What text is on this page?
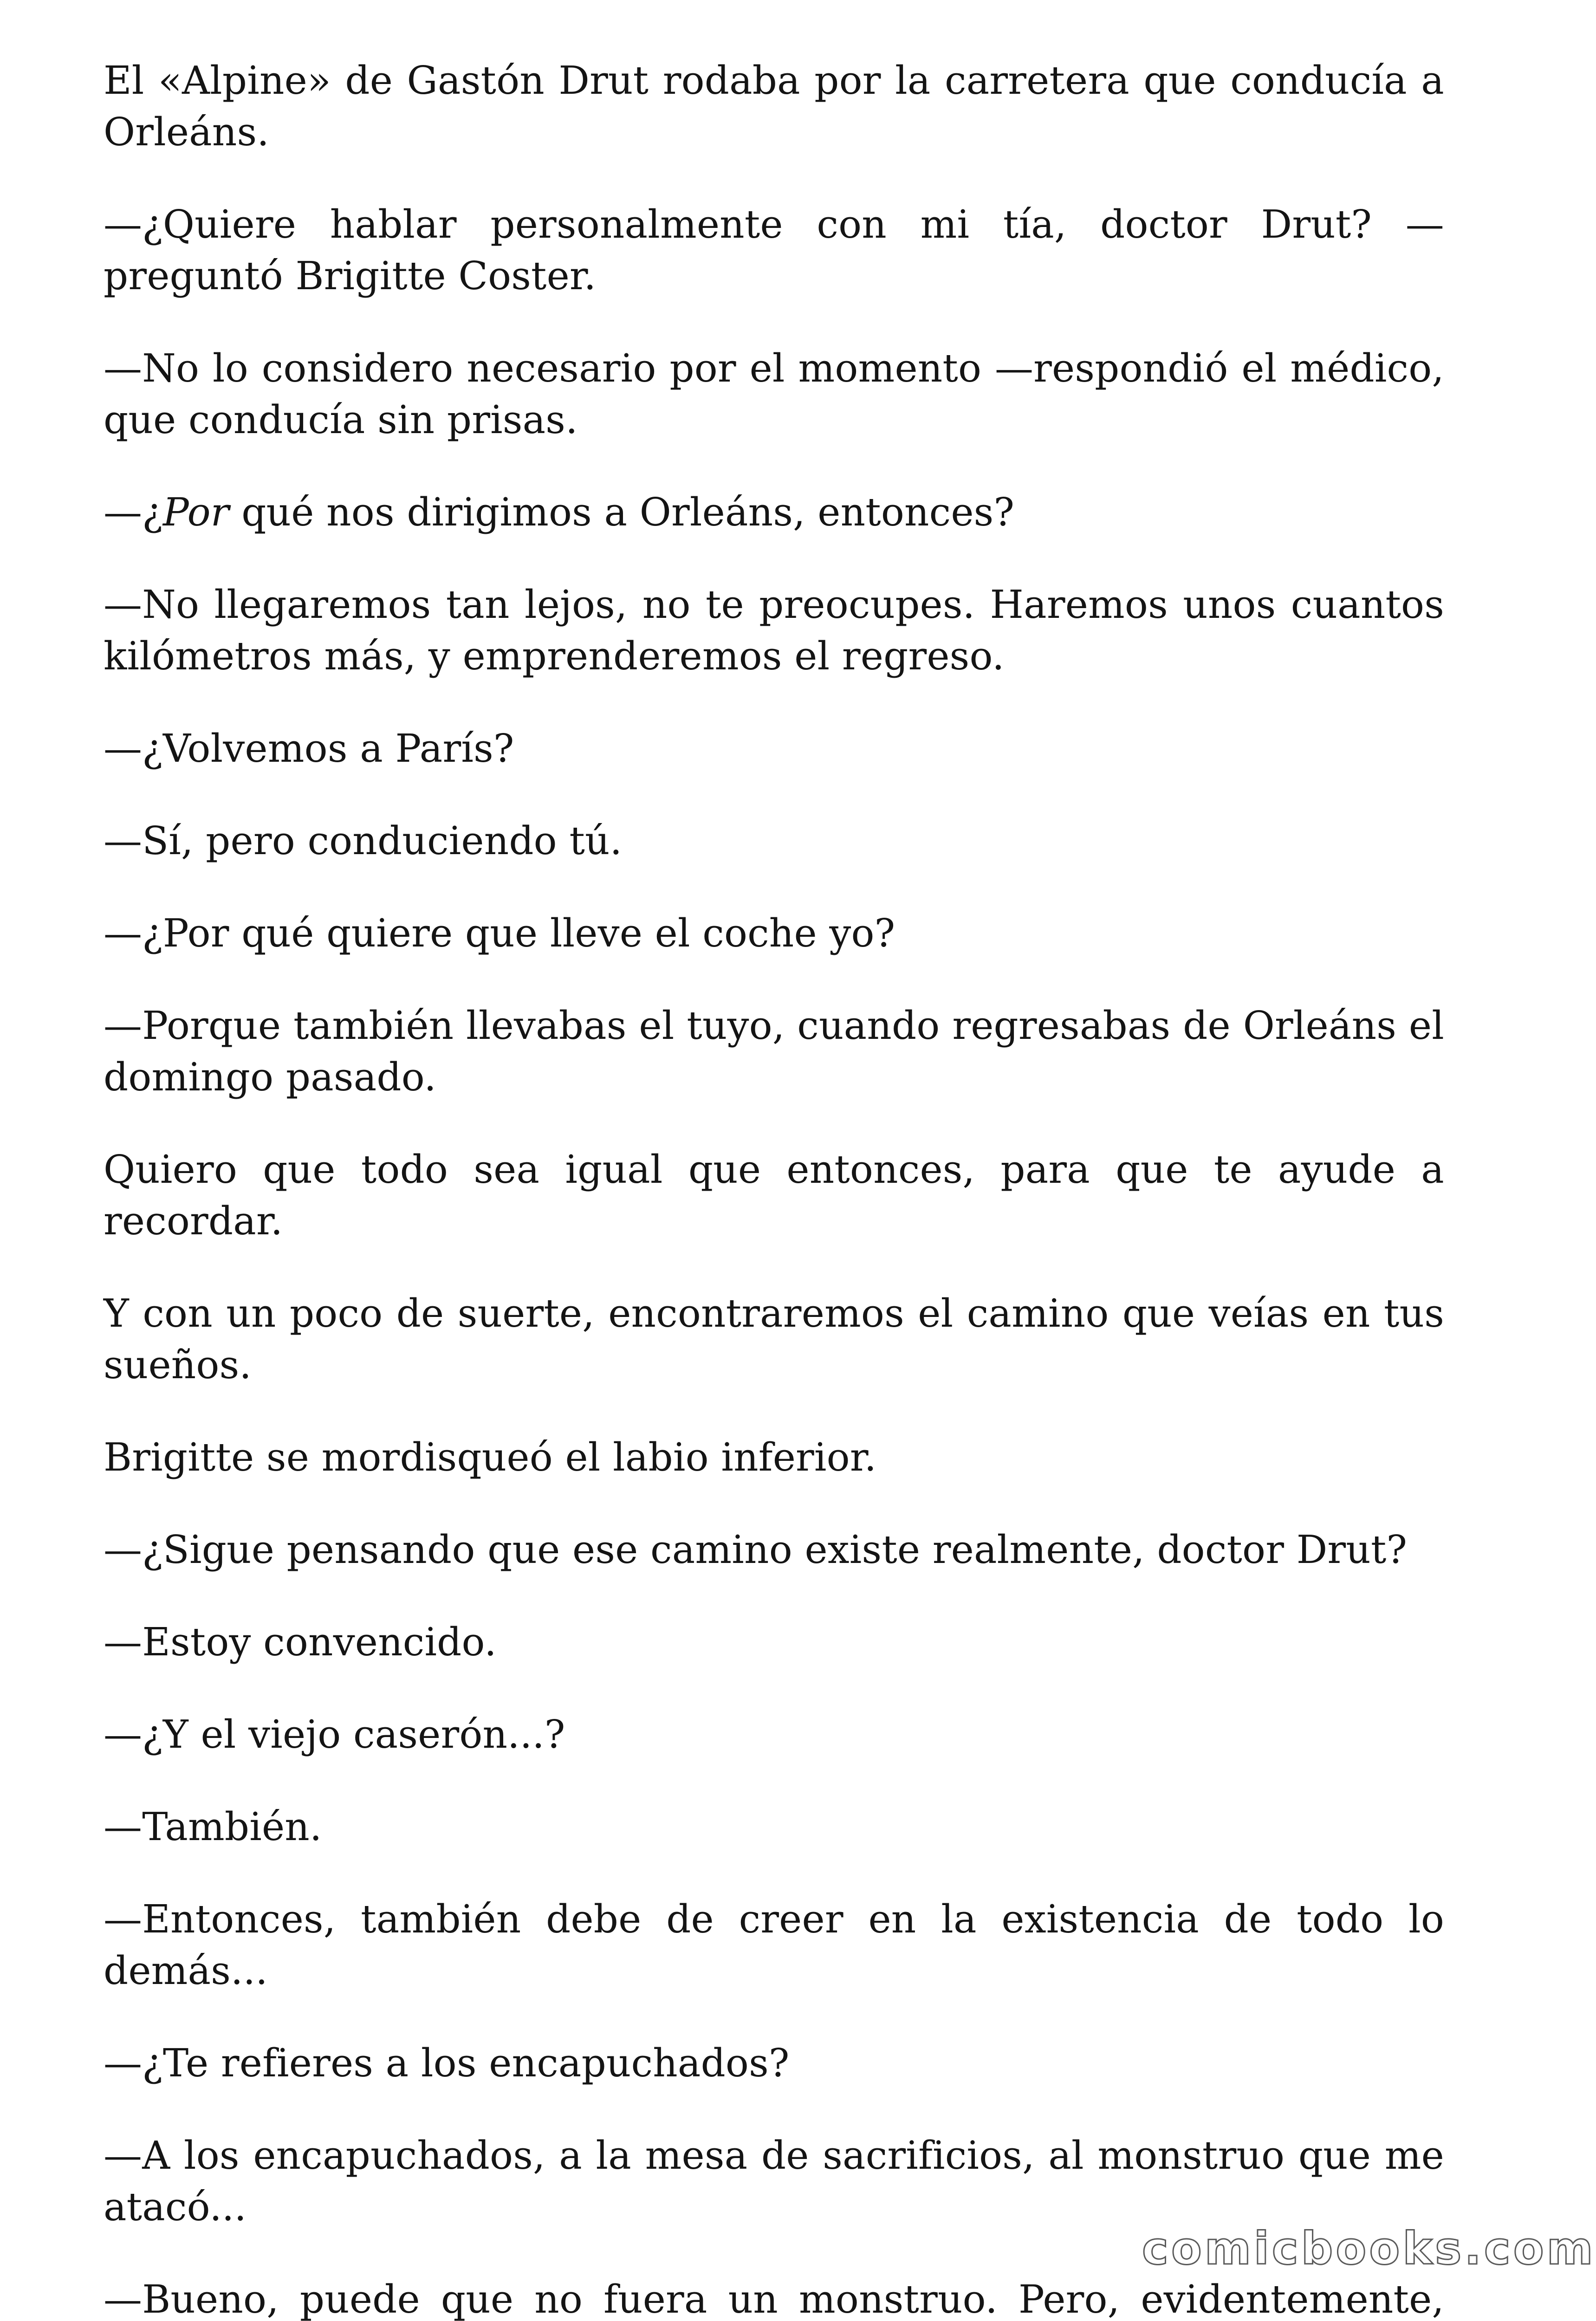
El «Alpine» de Gastón Drut rodaba por la carretera que conducía a Orleáns.

—¿Quiere hablar personalmente con mi tía, doctor Drut? —preguntó Brigitte Coster.

—No lo considero necesario por el momento —respondió el médico, que conducía sin prisas.

—¿Por qué nos dirigimos a Orleáns, entonces?

—No llegaremos tan lejos, no te preocupes. Haremos unos cuantos kilómetros más, y emprenderemos el regreso.

—¿Volvemos a París?

—Sí, pero conduciendo tú.

—¿Por qué quiere que lleve el coche yo?

—Porque también llevabas el tuyo, cuando regresabas de Orleáns el domingo pasado.

Quiero que todo sea igual que entonces, para que te ayude a recordar.

Y con un poco de suerte, encontraremos el camino que veías en tus sueños.

Brigitte se mordisqueó el labio inferior.

—¿Sigue pensando que ese camino existe realmente, doctor Drut?

—Estoy convencido.

—¿Y el viejo caserón...?

—También.

—Entonces, también debe de creer en la existencia de todo lo demás...

—¿Te refieres a los encapuchados?

—A los encapuchados, a la mesa de sacrificios, al monstruo que me atacó...

—Bueno, puede que no fuera un monstruo. Pero, evidentemente,

comicbooks.com
